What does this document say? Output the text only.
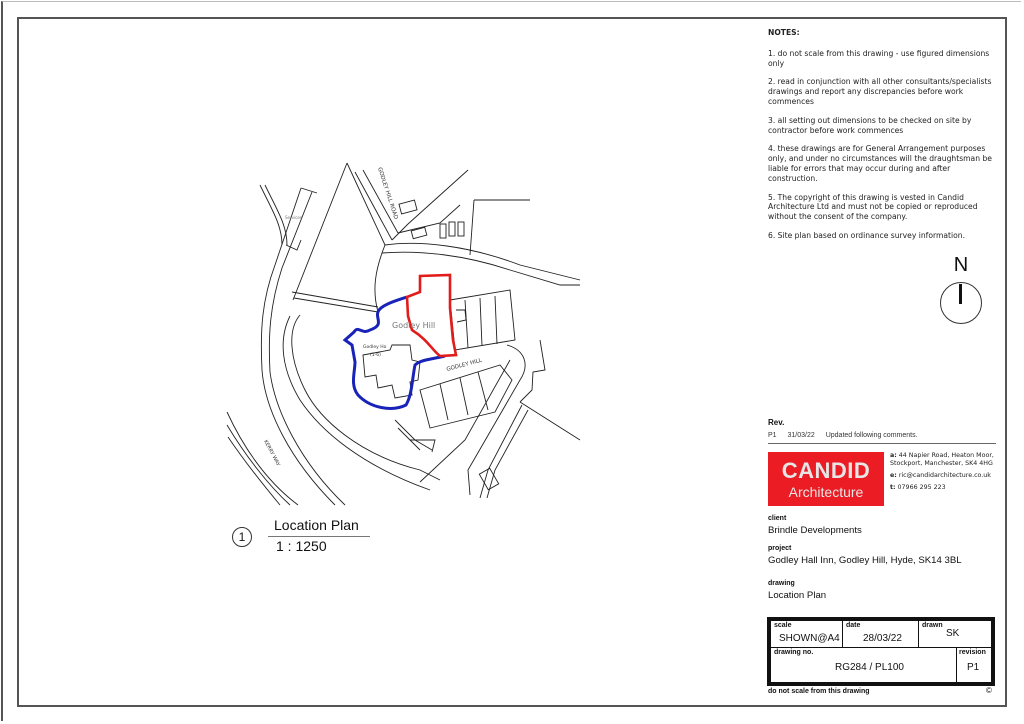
GODLEY HILL ROAD
Godley Hill
GODLEY HILL
KERRY WAY
Godley Ho
(1-6)
Services
1
Location Plan
1 : 1250
NOTES:

1. do not scale from this drawing - use figured dimensions only

2. read in conjunction with all other consultants/specialists drawings and report any discrepancies before work commences

3. all setting out dimensions to be checked on site by contractor before work commences

4. these drawings are for General Arrangement purposes only, and under no circumstances will the draughtsman be liable for errors that may occur during and after construction.

5. The copyright of this drawing is vested in Candid Architecture Ltd and must not be copied or reproduced without the consent of the company.

6. Site plan based on ordinance survey information.

N
Rev.
P1 31/03/22 Updated following comments.
CANDID
Architecture

a: 44 Napier Road, Heaton Moor, Stockport, Manchester, SK4 4HG

e: ric@candidarchitecture.co.uk

t: 07966 295 223

client
Brindle Developments
project
Godley Hall Inn, Godley Hill, Hyde, SK14 3BL
drawing
Location Plan
scale
SHOWN@A4
date
28/03/22
drawn
SK
drawing no.
RG284 / PL100
revision
P1
do not scale from this drawing	©
